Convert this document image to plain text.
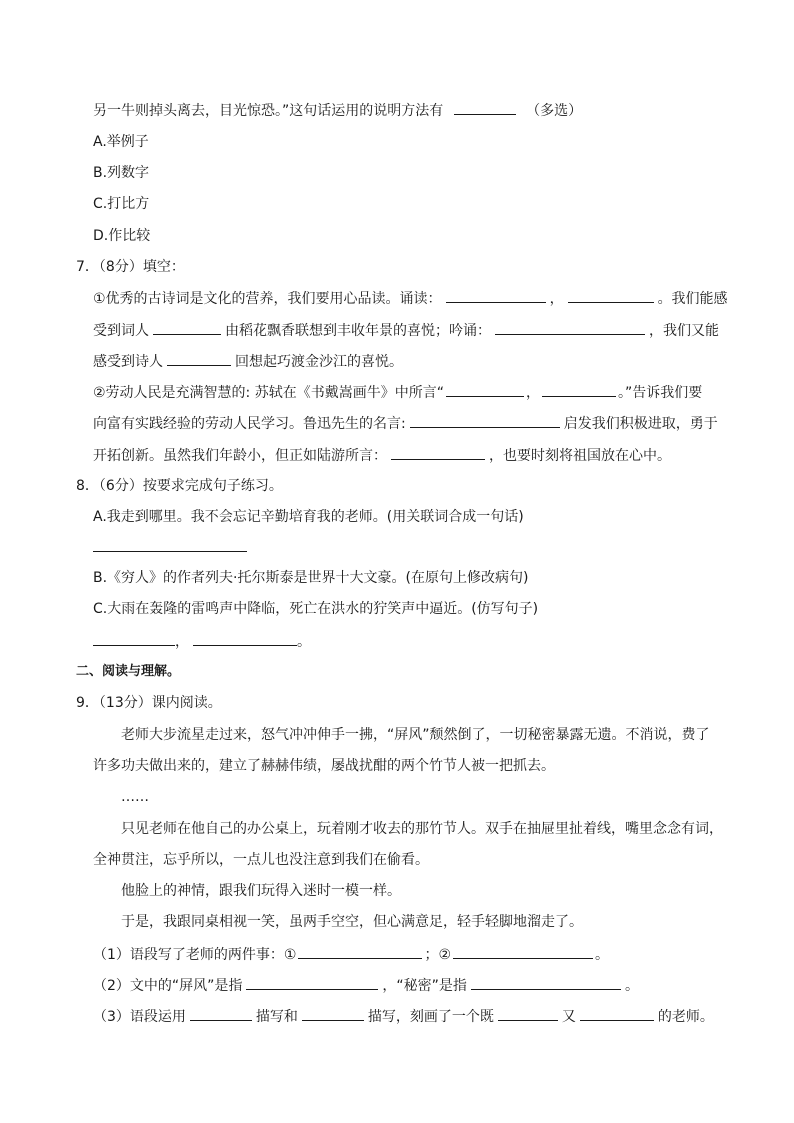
另一牛则掉头离去，目光惊恐。”这句话运用的说明方法有	（多选）
A.举例子
B.列数字
C.打比方
D.作比较
7．（8分）填空：
①优秀的古诗词是文化的营养，我们要用心品读。诵读：	，	。我们能感
受到词人	由稻花飘香联想到丰收年景的喜悦；吟诵：	，我们又能
感受到诗人	回想起巧渡金沙江的喜悦。
②劳动人民是充满智慧的: 苏轼在《书戴嵩画牛》中所言“	，	。”告诉我们要
向富有实践经验的劳动人民学习。鲁迅先生的名言:	启发我们积极进取，勇于
开拓创新。虽然我们年龄小，但正如陆游所言：	，也要时刻将祖国放在心中。
8．（6分）按要求完成句子练习。
A.我走到哪里。我不会忘记辛勤培育我的老师。(用关联词合成一句话)
B.《穷人》的作者列夫·托尔斯泰是世界十大文豪。(在原句上修改病句)
C.大雨在轰隆的雷鸣声中降临，死亡在洪水的狞笑声中逼近。(仿写句子)
，	。
二、阅读与理解。
9．（13分）课内阅读。
老师大步流星走过来，怒气冲冲伸手一拂，“屏风”颓然倒了，一切秘密暴露无遗。不消说，费了
许多功夫做出来的，建立了赫赫伟绩，屡战扰酣的两个竹节人被一把抓去。
……
只见老师在他自己的办公桌上，玩着刚才收去的那竹节人。双手在抽屉里扯着线，嘴里念念有词，
全神贯注，忘乎所以，一点儿也没注意到我们在偷看。
他脸上的神情，跟我们玩得入迷时一模一样。
于是，我跟同桌相视一笑，虽两手空空，但心满意足，轻手轻脚地溜走了。
（1）语段写了老师的两件事：①	；②	。
（2）文中的“屏风”是指	，“秘密”是指	。
（3）语段运用	描写和	描写，刻画了一个既	又	的老师。
